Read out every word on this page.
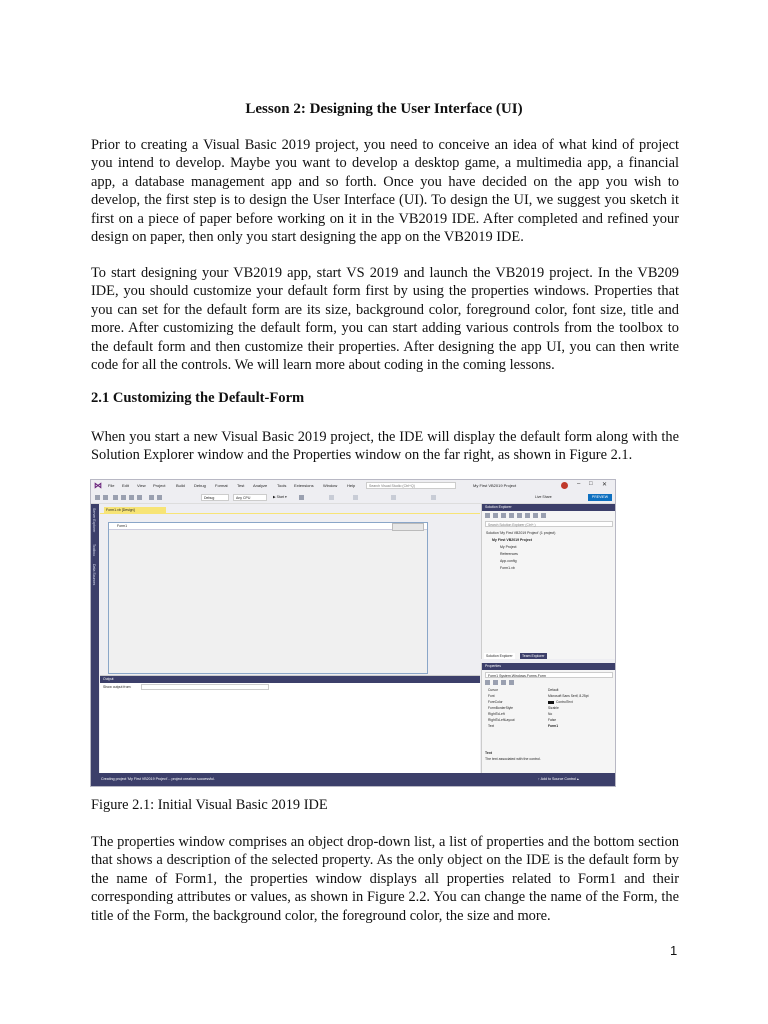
Lesson 2: Designing the User Interface (UI)

Prior to creating a Visual Basic 2019 project, you need to conceive an idea of what kind of project you intend to develop. Maybe you want to develop a desktop game, a multimedia app, a financial app, a database management app and so forth. Once you have decided on the app you wish to develop, the first step is to design the User Interface (UI). To design the UI, we suggest you sketch it first on a piece of paper before working on it in the VB2019 IDE. After completed and refined your design on paper, then only you start designing the app on the VB2019 IDE.

To start designing your VB2019 app, start VS 2019 and launch the VB2019 project. In the VB209 IDE, you should customize your default form first by using the properties windows. Properties that you can set for the default form are its size, background color, foreground color, font size, title and more. After customizing the default form, you can start adding various controls from the toolbox to the default form and then customize their properties. After designing the app UI, you can then write code for all the controls. We will learn more about coding in the coming lessons.

2.1 Customizing the Default-Form

When you start a new Visual Basic 2019 project, the IDE will display the default form along with the Solution Explorer window and the Properties window on the far right, as shown in Figure 2.1.

⋈ File Edit View Project	Build Debug Format Test Analyze Tools Extensions Window Help	Search Visual Studio (Ctrl+Q)	My First VB2019 Project	– □ ✕
Debug	Any CPU	▶ Start ▾	Live Share	PREVIEW
Server Explorer
Toolbox
Data Sources
Form1.vb [Design]
Form1
Output
Show output from:
Solution Explorer
Search Solution Explorer (Ctrl+;)
Solution 'My First VB2019 Project' (1 project)
My First VB2019 Project
My Project
References
App.config
Form1.vb
Solution Explorer	Team Explorer
Properties
Form1 System.Windows.Forms.Form
Cursor	Default
Font	Microsoft Sans Serif, 8.25pt
ForeColor	ControlText
FormBorderStyle	Sizable
RightToLeft	No
RightToLeftLayout	False
Text	Form1
Text
The text associated with the control.
Creating project 'My First VB2019 Project'... project creation successful.	↑ Add to Source Control ▴
Figure 2.1: Initial Visual Basic 2019 IDE

The properties window comprises an object drop-down list, a list of properties and the bottom section that shows a description of the selected property. As the only object on the IDE is the default form by the name of Form1, the properties window displays all properties related to Form1 and their corresponding attributes or values, as shown in Figure 2.2. You can change the name of the Form, the title of the Form, the background color, the foreground color, the size and more.

1
